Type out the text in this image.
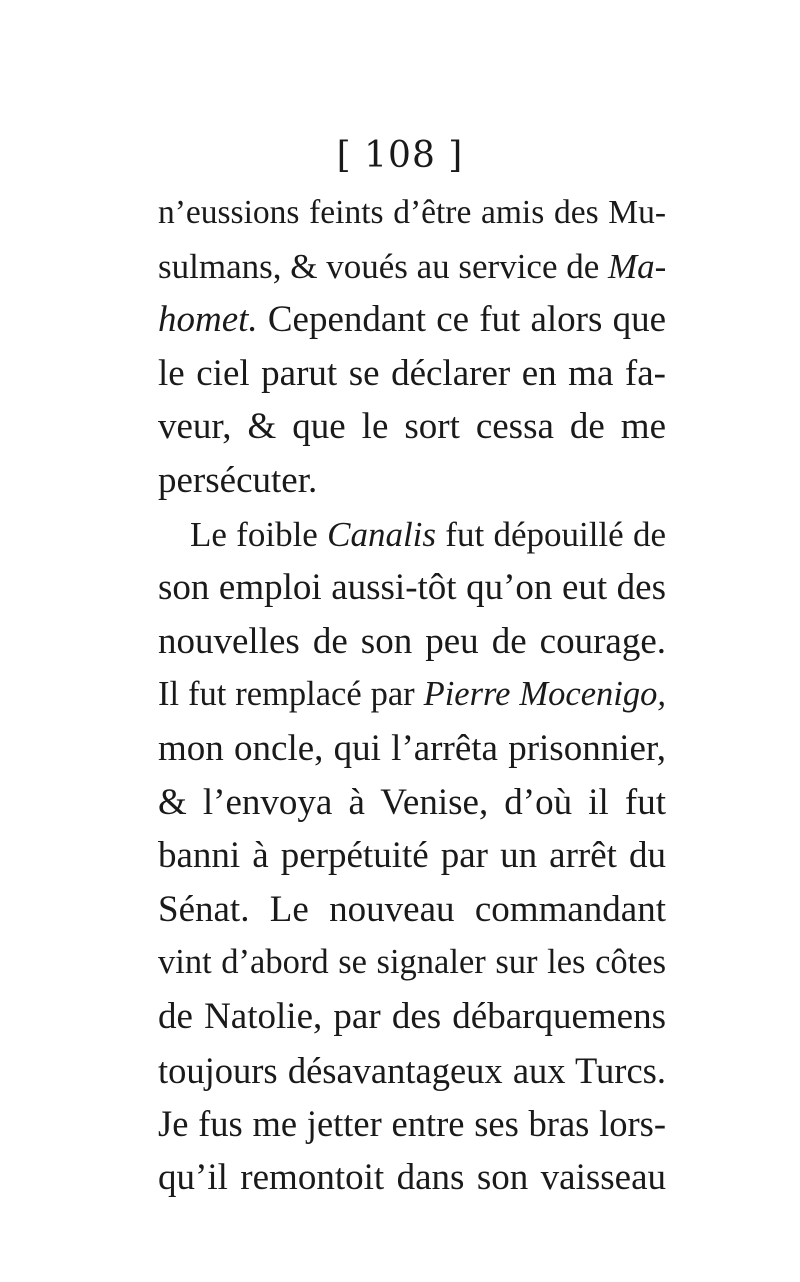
[ 108 ]
n’eussions feints d’être amis des Mu-
sulmans, & voués au service de Ma-
homet. Cependant ce fut alors que
le ciel parut se déclarer en ma fa-
veur, & que le sort cessa de me
persécuter.
Le foible Canalis fut dépouillé de
son emploi aussi-tôt qu’on eut des
nouvelles de son peu de courage.
Il fut remplacé par Pierre Mocenigo,
mon oncle, qui l’arrêta prisonnier,
& l’envoya à Venise, d’où il fut
banni à perpétuité par un arrêt du
Sénat. Le nouveau commandant
vint d’abord se signaler sur les côtes
de Natolie, par des débarquemens
toujours désavantageux aux Turcs.
Je fus me jetter entre ses bras lors-
qu’il remontoit dans son vaisseau
